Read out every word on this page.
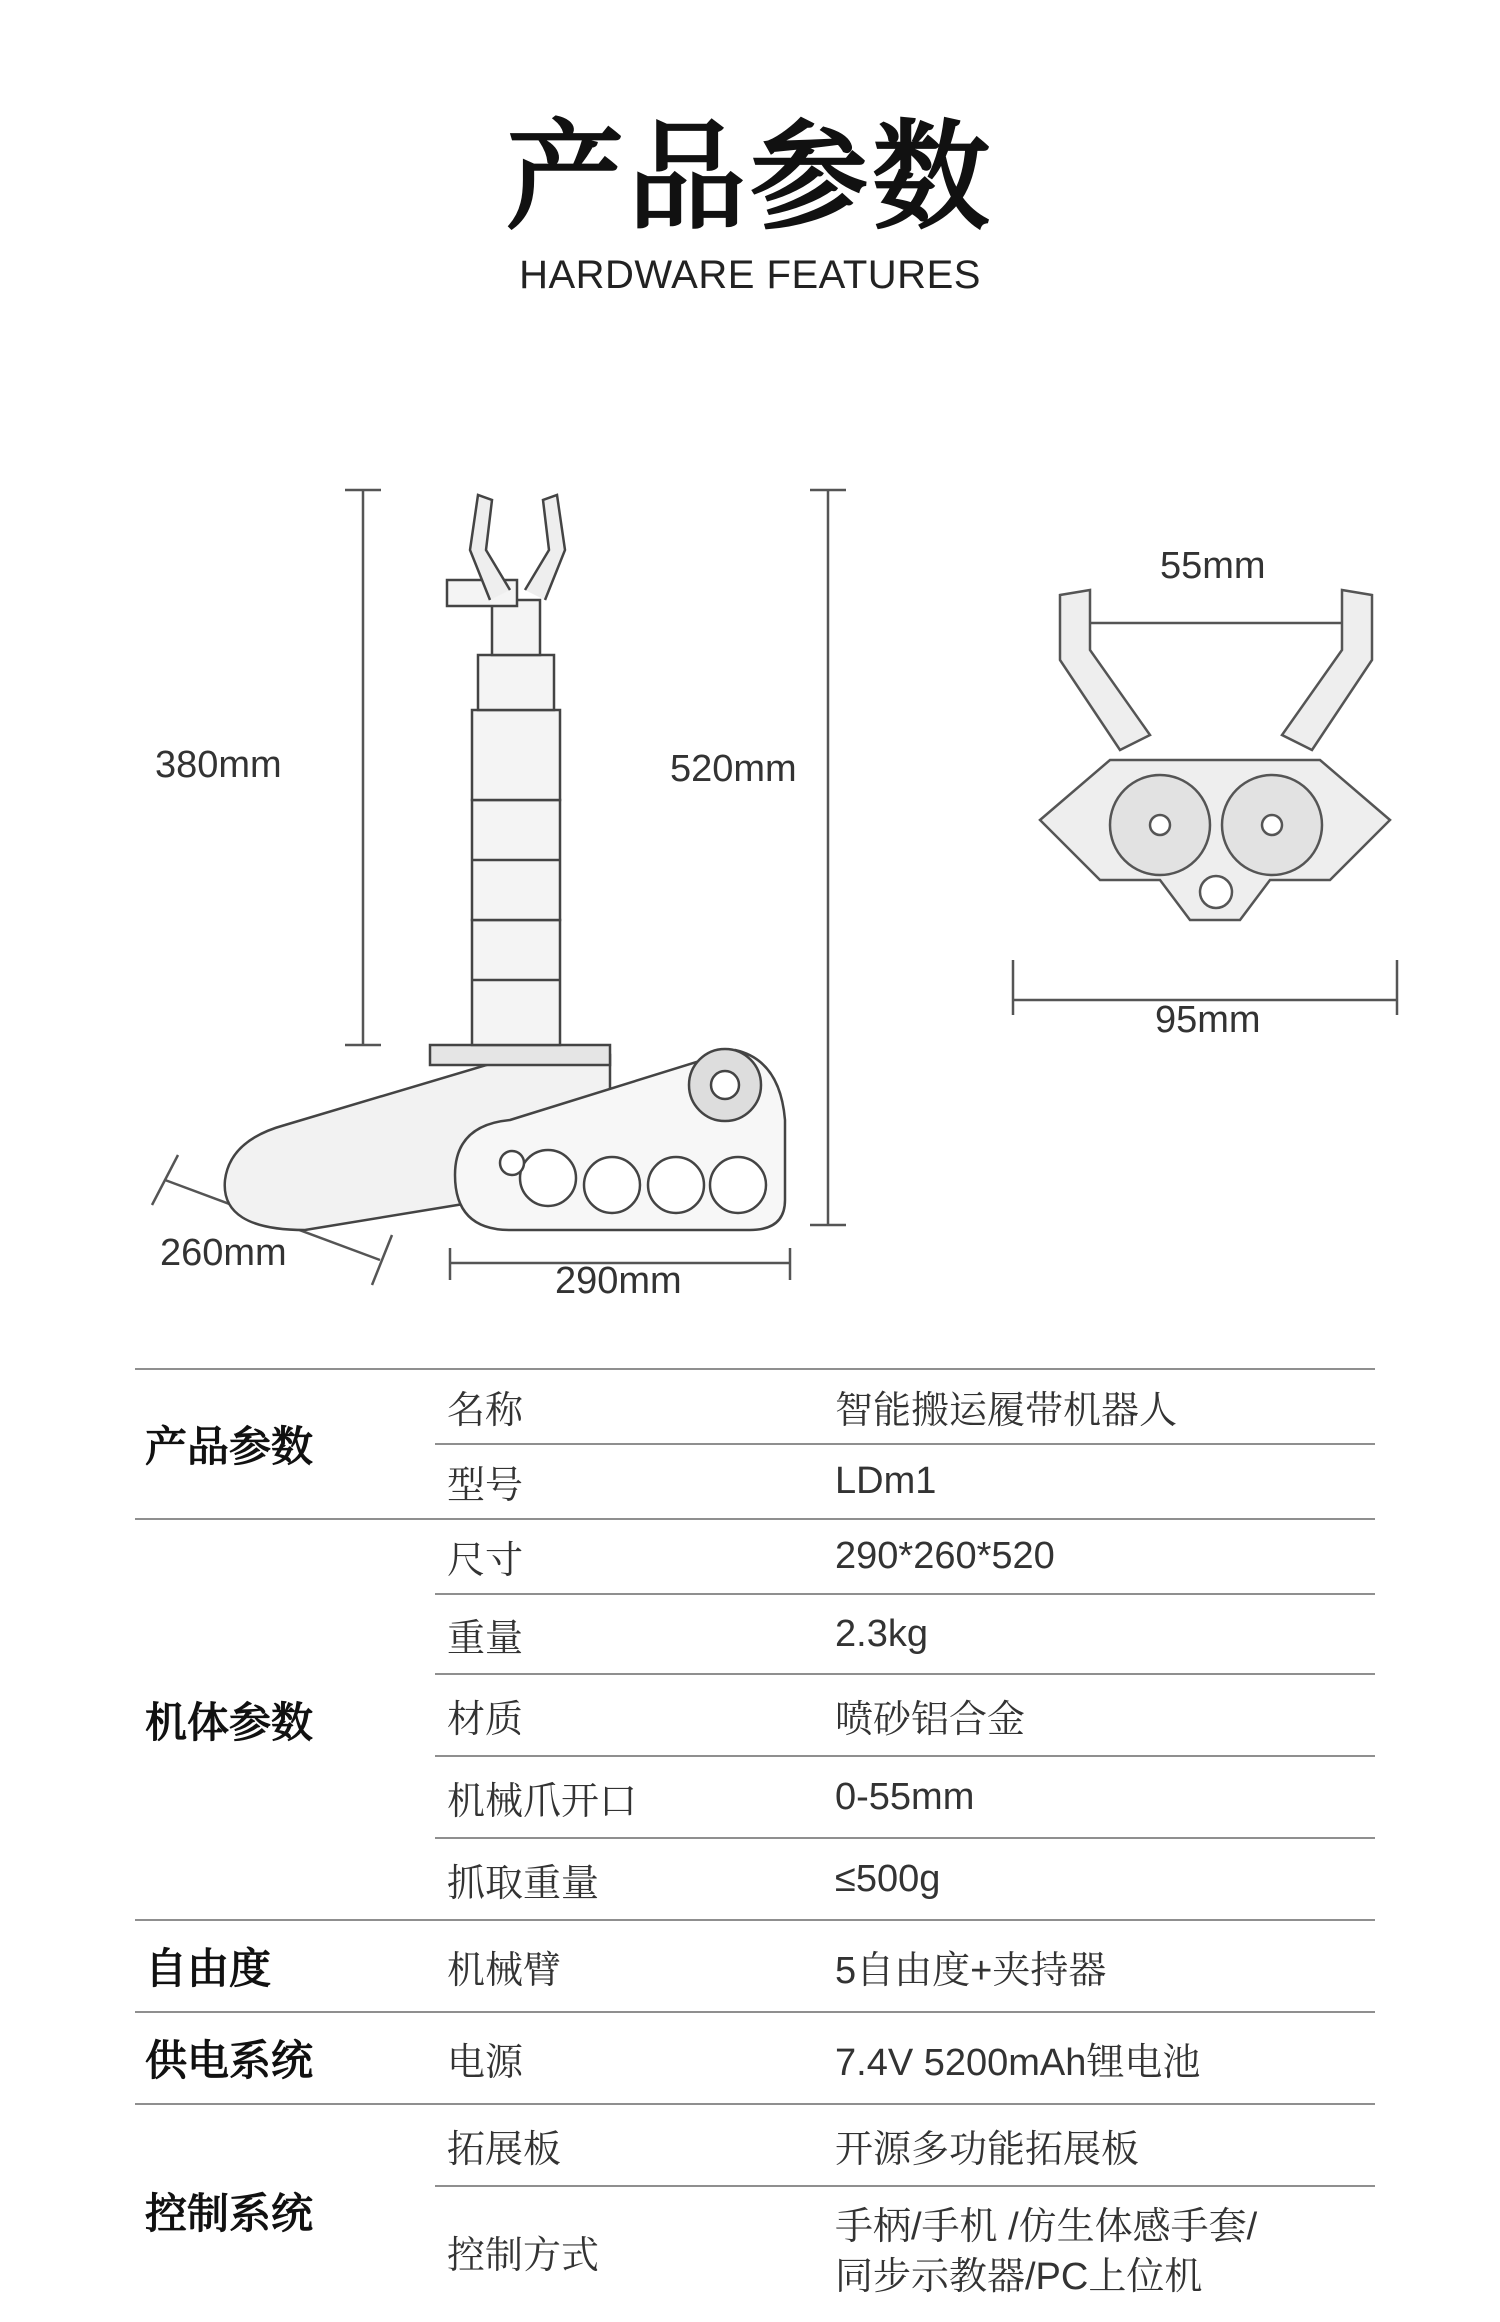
产品参数
HARDWARE FEATURES
380mm	520mm
260mm
290mm
55mm
95mm
产品参数	名称	智能搬运履带机器人
	型号	LDm1
机体参数	尺寸	290*260*520
	重量	2.3kg
	材质	喷砂铝合金
	机械爪开口	0-55mm
	抓取重量	≤500g
自由度	机械臂	5自由度+夹持器
供电系统	电源	7.4V 5200mAh锂电池
控制系统	拓展板	开源多功能拓展板
	控制方式	手柄/手机 /仿生体感手套/
同步示教器/PC上位机
